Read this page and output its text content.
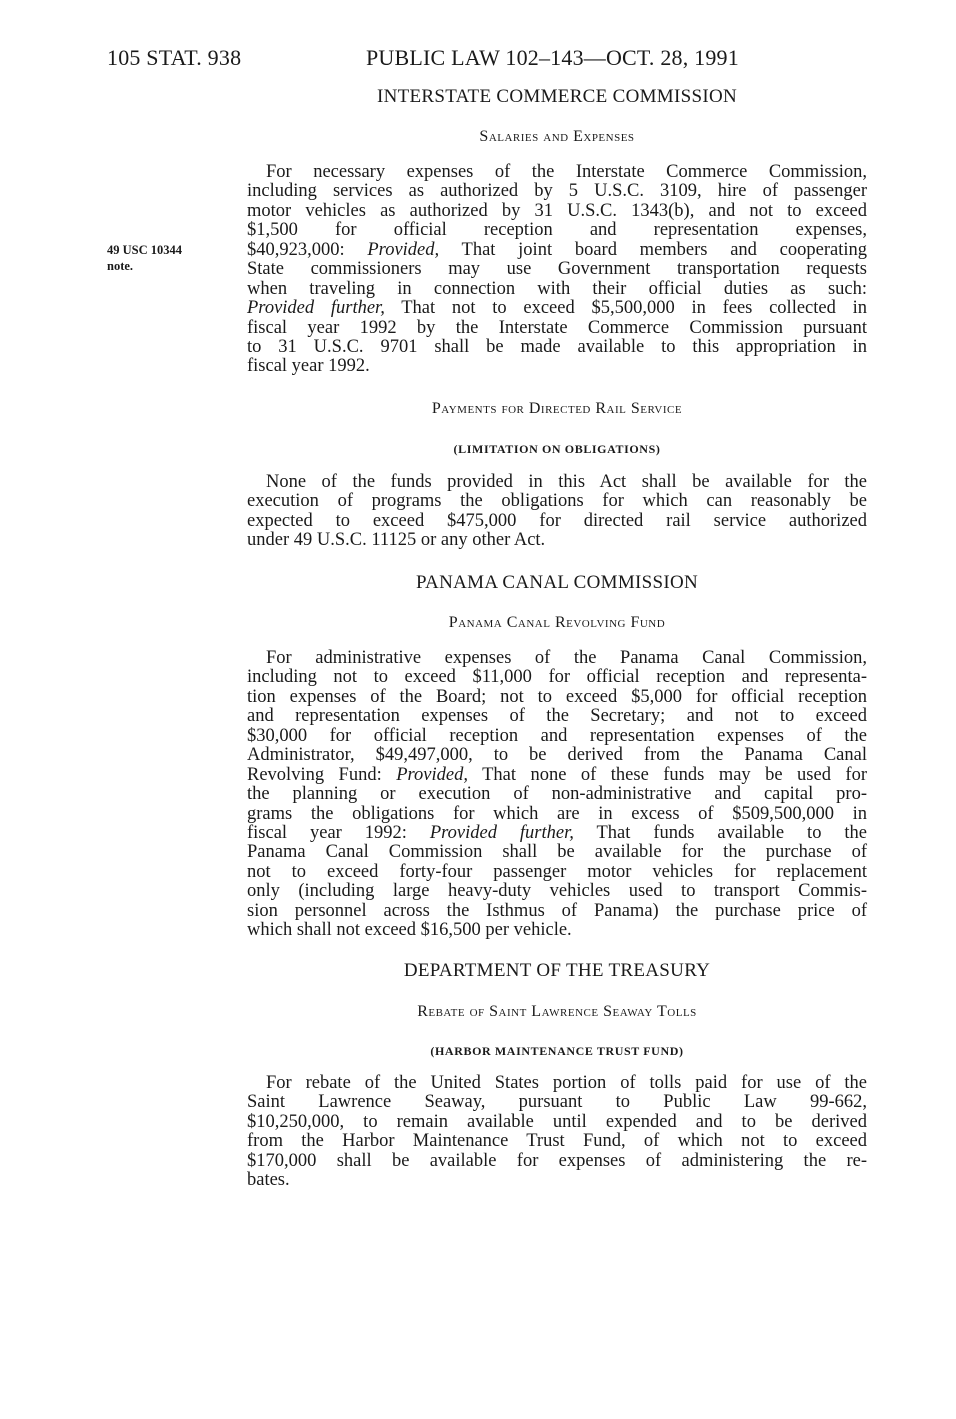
105 STAT. 938	PUBLIC LAW 102–143—OCT. 28, 1991
49 USC 10344
note.
INTERSTATE COMMERCE COMMISSION
Salaries and Expenses
For necessary expenses of the Interstate Commerce Commission,
including services as authorized by 5 U.S.C. 3109, hire of passenger
motor vehicles as authorized by 31 U.S.C. 1343(b), and not to exceed
$1,500 for official reception and representation expenses,
$40,923,000: Provided, That joint board members and cooperating
State commissioners may use Government transportation requests
when traveling in connection with their official duties as such:
Provided further, That not to exceed $5,500,000 in fees collected in
fiscal year 1992 by the Interstate Commerce Commission pursuant
to 31 U.S.C. 9701 shall be made available to this appropriation in
fiscal year 1992.
Payments for Directed Rail Service
(LIMITATION ON OBLIGATIONS)
None of the funds provided in this Act shall be available for the
execution of programs the obligations for which can reasonably be
expected to exceed $475,000 for directed rail service authorized
under 49 U.S.C. 11125 or any other Act.
PANAMA CANAL COMMISSION
Panama Canal Revolving Fund
For administrative expenses of the Panama Canal Commission,
including not to exceed $11,000 for official reception and representa-
tion expenses of the Board; not to exceed $5,000 for official reception
and representation expenses of the Secretary; and not to exceed
$30,000 for official reception and representation expenses of the
Administrator, $49,497,000, to be derived from the Panama Canal
Revolving Fund: Provided, That none of these funds may be used for
the planning or execution of non-administrative and capital pro-
grams the obligations for which are in excess of $509,500,000 in
fiscal year 1992: Provided further, That funds available to the
Panama Canal Commission shall be available for the purchase of
not to exceed forty-four passenger motor vehicles for replacement
only (including large heavy-duty vehicles used to transport Commis-
sion personnel across the Isthmus of Panama) the purchase price of
which shall not exceed $16,500 per vehicle.
DEPARTMENT OF THE TREASURY
Rebate of Saint Lawrence Seaway Tolls
(HARBOR MAINTENANCE TRUST FUND)
For rebate of the United States portion of tolls paid for use of the
Saint Lawrence Seaway, pursuant to Public Law 99-662,
$10,250,000, to remain available until expended and to be derived
from the Harbor Maintenance Trust Fund, of which not to exceed
$170,000 shall be available for expenses of administering the re-
bates.
